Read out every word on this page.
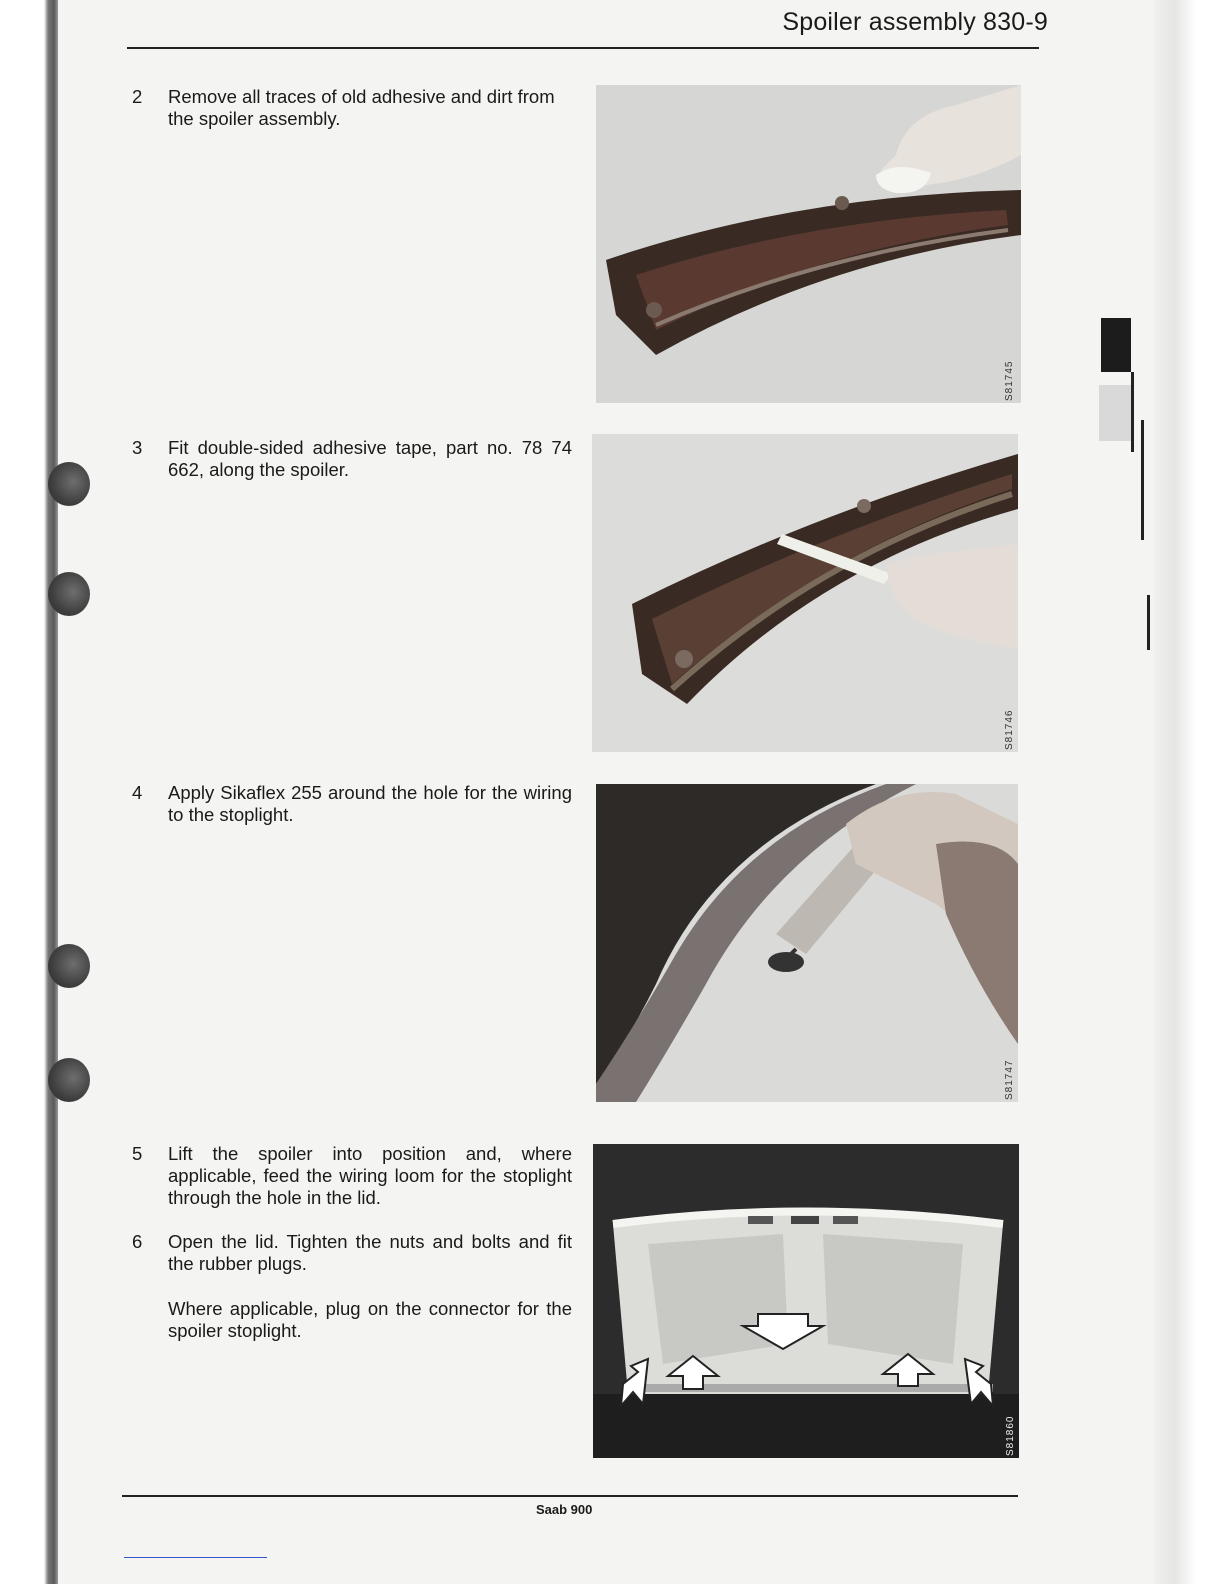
Spoiler assembly 830-9
2	Remove all traces of old adhesive and dirt from the spoiler assembly.
3	Fit double-sided adhesive tape, part no. 78 74 662, along the spoiler.
4	Apply Sikaflex 255 around the hole for the wiring to the stoplight.
5	Lift the spoiler into position and, where applicable, feed the wiring loom for the stoplight through the hole in the lid.
6	Open the lid. Tighten the nuts and bolts and fit the rubber plugs.
Where applicable, plug on the connector for the spoiler stoplight.
S81745
S81746
S81747
S81860
Saab 900
